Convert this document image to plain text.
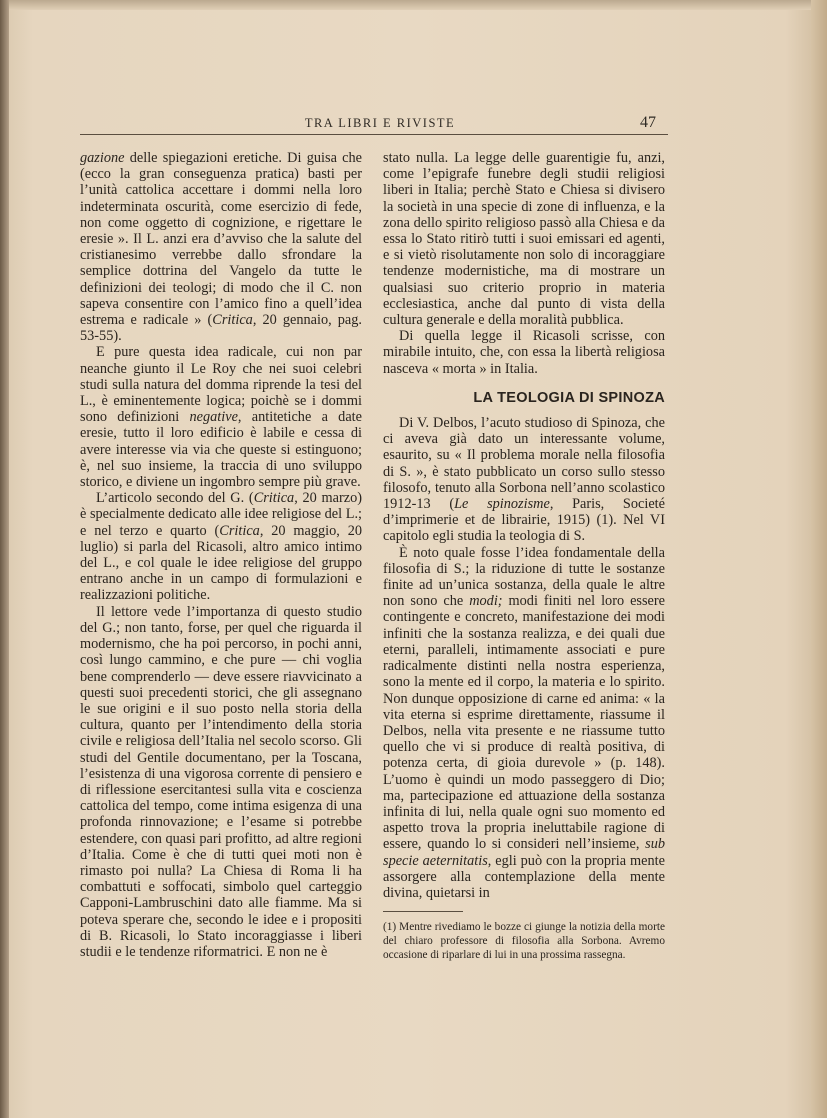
TRA LIBRI E RIVISTE	47

gazione delle spiegazioni eretiche. Di guisa che (ecco la gran conseguenza pratica) basti per l’unità cattolica accettare i dommi nella loro indeterminata oscurità, come esercizio di fede, non come oggetto di cognizione, e rigettare le eresie ». Il L. anzi era d’avviso che la salute del cristianesimo verrebbe dallo sfrondare la semplice dottrina del Vangelo da tutte le definizioni dei teologi; di modo che il C. non sapeva consentire con l’amico fino a quell’idea estrema e radicale » (Critica, 20 gennaio, pag. 53-55).

E pure questa idea radicale, cui non par neanche giunto il Le Roy che nei suoi celebri studi sulla natura del domma riprende la tesi del L., è eminentemente logica; poichè se i dommi sono definizioni negative, antitetiche a date eresie, tutto il loro edificio è labile e cessa di avere interesse via via che queste si estinguono; è, nel suo insieme, la traccia di uno sviluppo storico, e diviene un ingombro sempre più grave.

L’articolo secondo del G. (Critica, 20 marzo) è specialmente dedicato alle idee religiose del L.; e nel terzo e quarto (Critica, 20 maggio, 20 luglio) si parla del Ricasoli, altro amico intimo del L., e col quale le idee religiose del gruppo entrano anche in un campo di formulazioni e realizzazioni politiche.

Il lettore vede l’importanza di questo studio del G.; non tanto, forse, per quel che riguarda il modernismo, che ha poi percorso, in pochi anni, così lungo cammino, e che pure — chi voglia bene comprenderlo — deve essere riavvicinato a questi suoi precedenti storici, che gli assegnano le sue origini e il suo posto nella storia della cultura, quanto per l’intendimento della storia civile e religiosa dell’Italia nel secolo scorso. Gli studi del Gentile documentano, per la Toscana, l’esistenza di una vigorosa corrente di pensiero e di riflessione esercitantesi sulla vita e coscienza cattolica del tempo, come intima esigenza di una profonda rinnovazione; e l’esame si potrebbe estendere, con quasi pari profitto, ad altre regioni d’Italia. Come è che di tutti quei moti non è rimasto poi nulla? La Chiesa di Roma li ha combattuti e soffocati, simbolo quel carteggio Capponi-Lambruschini dato alle fiamme. Ma si poteva sperare che, secondo le idee e i propositi di B. Ricasoli, lo Stato incoraggiasse i liberi studii e le tendenze riformatrici. E non ne è

stato nulla. La legge delle guarentigie fu, anzi, come l’epigrafe funebre degli studii religiosi liberi in Italia; perchè Stato e Chiesa si divisero la società in una specie di zone di influenza, e la zona dello spirito religioso passò alla Chiesa e da essa lo Stato ritirò tutti i suoi emissari ed agenti, e si vietò risolutamente non solo di incoraggiare tendenze modernistiche, ma di mostrare un qualsiasi suo criterio proprio in materia ecclesiastica, anche dal punto di vista della cultura generale e della moralità pubblica.

Di quella legge il Ricasoli scrisse, con mirabile intuito, che, con essa la libertà religiosa nasceva « morta » in Italia.

LA TEOLOGIA DI SPINOZA

Di V. Delbos, l’acuto studioso di Spinoza, che ci aveva già dato un interessante volume, esaurito, su « Il problema morale nella filosofia di S. », è stato pubblicato un corso sullo stesso filosofo, tenuto alla Sorbona nell’anno scolastico 1912-13 (Le spinozisme, Paris, Societé d’imprimerie et de librairie, 1915) (1). Nel VI capitolo egli studia la teologia di S.

È noto quale fosse l’idea fondamentale della filosofia di S.; la riduzione di tutte le sostanze finite ad un’unica sostanza, della quale le altre non sono che modi; modi finiti nel loro essere contingente e concreto, manifestazione dei modi infiniti che la sostanza realizza, e dei quali due eterni, paralleli, intimamente associati e pure radicalmente distinti nella nostra esperienza, sono la mente ed il corpo, la materia e lo spirito. Non dunque opposizione di carne ed anima: « la vita eterna si esprime direttamente, riassume il Delbos, nella vita presente e ne riassume tutto quello che vi si produce di realtà positiva, di potenza certa, di gioia durevole » (p. 148). L’uomo è quindi un modo passeggero di Dio; ma, partecipazione ed attuazione della sostanza infinita di lui, nella quale ogni suo momento ed aspetto trova la propria ineluttabile ragione di essere, quando lo si consideri nell’insieme, sub specie aeternitatis, egli può con la propria mente assorgere alla contemplazione della mente divina, quietarsi in

(1) Mentre rivediamo le bozze ci giunge la notizia della morte del chiaro professore di filosofia alla Sorbona. Avremo occasione di riparlare di lui in una prossima rassegna.
